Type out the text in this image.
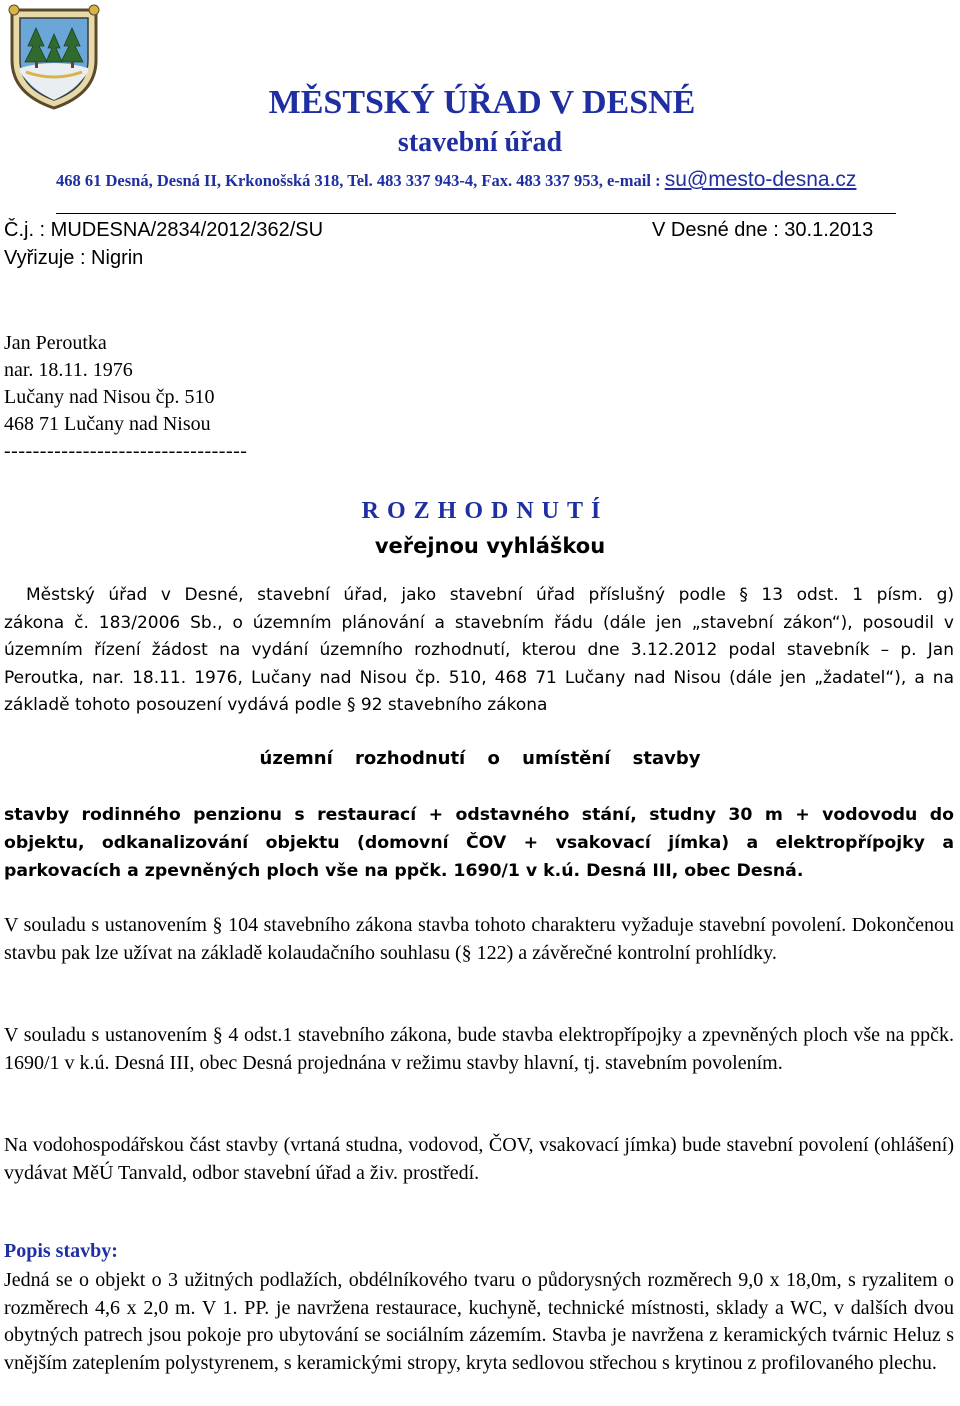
MĚSTSKÝ ÚŘAD V DESNÉ
stavební úřad
468 61 Desná, Desná II, Krkonošská 318, Tel. 483 337 943-4, Fax. 483 337 953, e-mail : su@mesto-desna.cz
Č.j. : MUDESNA/2834/2012/362/SU	V Desné dne : 30.1.2013
Vyřizuje : Nigrin
Jan Peroutka
nar. 18.11. 1976
Lučany nad Nisou čp. 510
468 71 Lučany nad Nisou
----------------------------------
ROZHODNUTÍ
veřejnou vyhláškou
Městský úřad v Desné, stavební úřad, jako stavební úřad příslušný podle § 13 odst. 1 písm. g)
zákona č. 183/2006 Sb., o územním plánování a stavebním řádu (dále jen „stavební zákon“), posoudil v územním řízení žádost na vydání územního rozhodnutí, kterou dne 3.12.2012 podal stavebník – p. Jan Peroutka, nar. 18.11. 1976, Lučany nad Nisou čp. 510, 468 71 Lučany nad Nisou (dále jen „žadatel“), a na základě tohoto posouzení vydává podle § 92 stavebního zákona
územní rozhodnutí o umístění stavby
stavby rodinného penzionu s restaurací + odstavného stání, studny 30 m + vodovodu do objektu, odkanalizování objektu (domovní ČOV + vsakovací jímka) a elektropřípojky a parkovacích a zpevněných ploch vše na ppčk. 1690/1 v k.ú. Desná III, obec Desná.
V souladu s ustanovením § 104 stavebního zákona stavba tohoto charakteru vyžaduje stavební povolení. Dokončenou stavbu pak lze užívat na základě kolaudačního souhlasu (§ 122) a závěrečné kontrolní prohlídky.
V souladu s ustanovením § 4 odst.1 stavebního zákona, bude stavba elektropřípojky a zpevněných ploch vše na ppčk. 1690/1 v k.ú. Desná III, obec Desná projednána v režimu stavby hlavní, tj. stavebním povolením.
Na vodohospodářskou část stavby (vrtaná studna, vodovod, ČOV, vsakovací jímka) bude stavební povolení (ohlášení) vydávat MěÚ Tanvald, odbor stavební úřad a živ. prostředí.
Popis stavby:
Jedná se o objekt o 3 užitných podlažích, obdélníkového tvaru o půdorysných rozměrech 9,0 x 18,0m, s ryzalitem o rozměrech 4,6 x 2,0 m. V 1. PP. je navržena restaurace, kuchyně, technické místnosti, sklady a WC, v dalších dvou obytných patrech jsou pokoje pro ubytování se sociálním zázemím. Stavba je navržena z keramických tvárnic Heluz s vnějším zateplením polystyrenem, s keramickými stropy, kryta sedlovou střechou s krytinou z profilovaného plechu.
